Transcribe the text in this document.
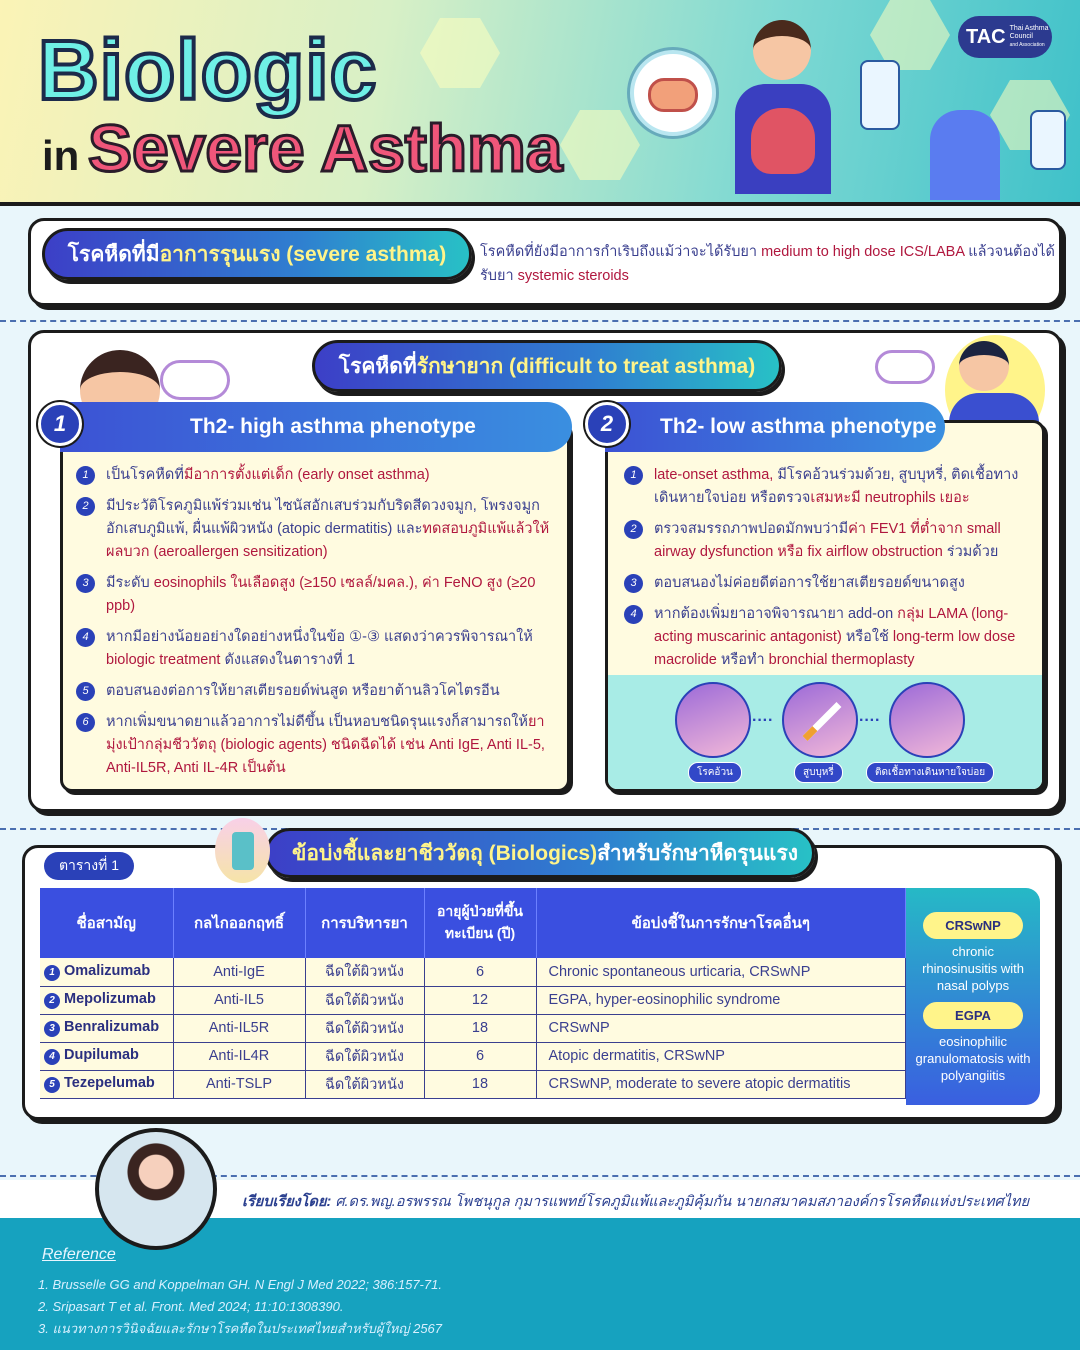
Biologic
in Severe Asthma
TAC Thai Asthma Council
and Association
โรคหืดที่มี อาการรุนแรง (severe asthma) โรคหืดที่ยังมีอาการกำเริบถึงแม้ว่าจะได้รับยา medium to high dose ICS/LABA แล้วจนต้องได้รับยา systemic steroids
โรคหืดที่ รักษายาก (difficult to treat asthma)
Th2- high asthma phenotype
1
1	เป็นโรคหืดที่มีอาการตั้งแต่เด็ก (early onset asthma)
2	มีประวัติโรคภูมิแพ้ร่วมเช่น ไซนัสอักเสบร่วมกับริดสีดวงจมูก, โพรงจมูกอักเสบภูมิแพ้, ผื่นแพ้ผิวหนัง (atopic dermatitis) และทดสอบภูมิแพ้แล้วให้ผลบวก (aeroallergen sensitization)
3	มีระดับ eosinophils ในเลือดสูง (≥150 เซลล์/มคล.), ค่า FeNO สูง (≥20 ppb)
4	หากมีอย่างน้อยอย่างใดอย่างหนึ่งในข้อ ①-③ แสดงว่าควรพิจารณาให้ biologic treatment ดังแสดงในตารางที่ 1
5	ตอบสนองต่อการให้ยาสเตียรอยด์พ่นสูด หรือยาต้านลิวโคไตรอีน
6	หากเพิ่มขนาดยาแล้วอาการไม่ดีขึ้น เป็นหอบชนิดรุนแรงก็สามารถให้ยามุ่งเป้ากลุ่มชีววัตถุ (biologic agents) ชนิดฉีดได้ เช่น Anti IgE, Anti IL-5, Anti-IL5R, Anti IL-4R เป็นต้น
Th2- low asthma phenotype
2
1	late-onset asthma, มีโรคอ้วนร่วมด้วย, สูบบุหรี่, ติดเชื้อทางเดินหายใจบ่อย หรือตรวจเสมหะมี neutrophils เยอะ
2	ตรวจสมรรถภาพปอดมักพบว่ามีค่า FEV1 ที่ต่ำจาก small airway dysfunction หรือ fix airflow obstruction ร่วมด้วย
3	ตอบสนองไม่ค่อยดีต่อการใช้ยาสเตียรอยด์ขนาดสูง
4	หากต้องเพิ่มยาอาจพิจารณายา add-on กลุ่ม LAMA (long-acting muscarinic antagonist) หรือใช้ long-term low dose macrolide หรือทำ bronchial thermoplasty
····	····
โรคอ้วน	สูบบุหรี่	ติดเชื้อทางเดินหายใจบ่อย
ข้อบ่งชี้และยาชีววัตถุ (Biologics) สำหรับรักษาหืดรุนแรง
ตารางที่ 1
ชื่อสามัญ	กลไกออกฤทธิ์	การบริหารยา	อายุผู้ป่วยที่ขึ้นทะเบียน (ปี)	ข้อบ่งชี้ในการรักษาโรคอื่นๆ
1 Omalizumab	Anti-IgE	ฉีดใต้ผิวหนัง	6	Chronic spontaneous urticaria, CRSwNP
2 Mepolizumab	Anti-IL5	ฉีดใต้ผิวหนัง	12	EGPA, hyper-eosinophilic syndrome
3 Benralizumab	Anti-IL5R	ฉีดใต้ผิวหนัง	18	CRSwNP
4 Dupilumab	Anti-IL4R	ฉีดใต้ผิวหนัง	6	Atopic dermatitis, CRSwNP
5 Tezepelumab	Anti-TSLP	ฉีดใต้ผิวหนัง	18	CRSwNP, moderate to severe atopic dermatitis
CRSwNP
chronic rhinosinusitis with nasal polyps
EGPA
eosinophilic granulomatosis with polyangiitis
เรียบเรียงโดย: ศ.ดร.พญ.อรพรรณ โพชนุกูล กุมารแพทย์โรคภูมิแพ้และภูมิคุ้มกัน นายกสมาคมสภาองค์กรโรคหืดแห่งประเทศไทย
Reference
1. Brusselle GG and Koppelman GH. N Engl J Med 2022; 386:157-71.
2. Sripasart T et al. Front. Med 2024; 11:10:1308390.
3. แนวทางการวินิจฉัยและรักษาโรคหืดในประเทศไทยสำหรับผู้ใหญ่ 2567
